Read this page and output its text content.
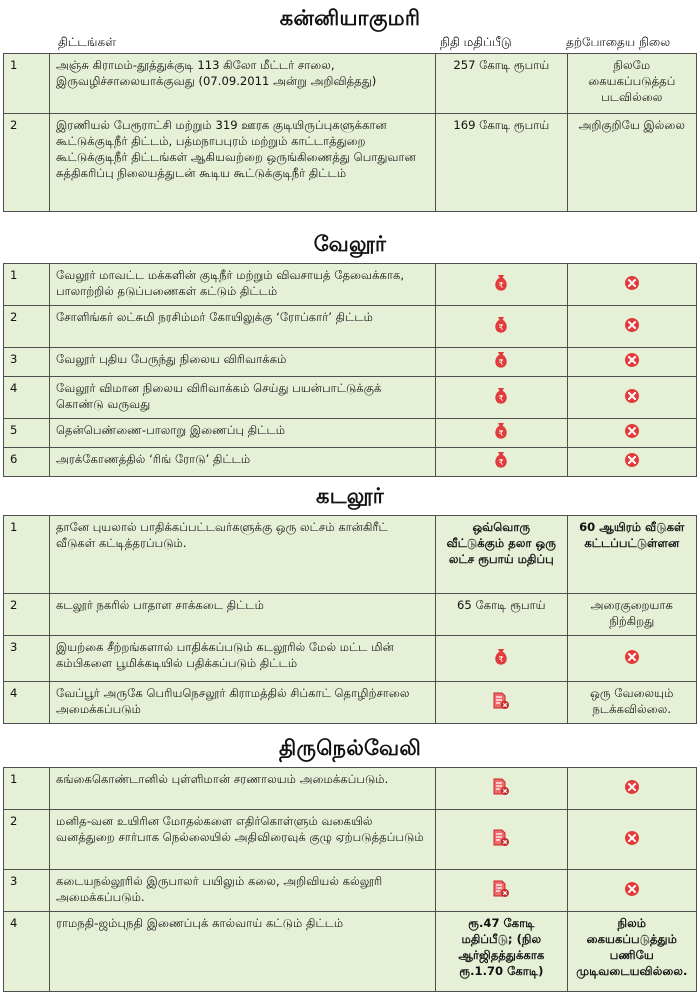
கன்னியாகுமரி
திட்டங்கள்	நிதி மதிப்பீடு	தற்போதைய நிலை
1	அஞ்சு கிராமம்-தூத்துக்குடி 113 கிலோ மீட்டர் சாலை, இருவழிச்சாலையாக்குவது (07.09.2011 அன்று அறிவித்தது)	257 கோடி ரூபாய்	நிலமே கையகப்படுத்தப் படவில்லை
2	இரணியல் பேரூராட்சி மற்றும் 319 ஊரக குடியிருப்புகளுக்கான கூட்டுக்குடிநீர் திட்டம், பத்மநாபபுரம் மற்றும் காட்டாத்துறை கூட்டுக்குடிநீர் திட்டங்கள் ஆகியவற்றை ஒருங்கிணைத்து பொதுவான சுத்திகரிப்பு நிலையத்துடன் கூடிய கூட்டுக்குடிநீர் திட்டம்	169 கோடி ரூபாய்	அறிகுறியே இல்லை
வேலூர்
1	வேலூர் மாவட்ட மக்களின் குடிநீர் மற்றும் விவசாயத் தேவைக்காக, பாலாற்றில் தடுப்பணைகள் கட்டும் திட்டம்	₹

2	சோளிங்கர் லட்சுமி நரசிம்மர் கோயிலுக்கு ‘ரோப்கார்’ திட்டம்	₹

3	வேலூர் புதிய பேருந்து நிலைய விரிவாக்கம்	₹

4	வேலூர் விமான நிலைய விரிவாக்கம் செய்து பயன்பாட்டுக்குக் கொண்டு வருவது	₹

5	தென்பெண்ணை-பாலாறு இணைப்பு திட்டம்	₹

6	அரக்கோணத்தில் ‘ரிங் ரோடு’ திட்டம்	₹

கடலூர்
1	தானே புயலால் பாதிக்கப்பட்டவர்களுக்கு ஒரு லட்சம் கான்கிரீட் வீடுகள் கட்டித்தரப்படும்.	ஒவ்வொரு வீட்டுக்கும் தலா ஒரு லட்ச ரூபாய் மதிப்பு	60 ஆயிரம் வீடுகள் கட்டப்பட்டுள்ளன
2	கடலூர் நகரில் பாதாள சாக்கடை திட்டம்	65 கோடி ரூபாய்	அரைகுறையாக நிற்கிறது
3	இயற்கை சீற்றங்களால் பாதிக்கப்படும் கடலூரில் மேல் மட்ட மின் கம்பிகளை பூமிக்கடியில் பதிக்கப்படும் திட்டம்	₹

4	வேப்பூர் அருகே பெரியநெசலூர் கிராமத்தில் சிப்காட் தொழிற்சாலை அமைக்கப்படும்		ஒரு வேலையும் நடக்கவில்லை.
திருநெல்வேலி
1	கங்கைகொண்டானில் புள்ளிமான் சரணாலயம் அமைக்கப்படும்.		
2	மனித-வன உயிரின மோதல்களை எதிர்கொள்ளும் வகையில் வனத்துறை சார்பாக நெல்லையில் அதிவிரைவுக் குழு ஏற்படுத்தப்படும்		
3	கடையநல்லூரில் இருபாலர் பயிலும் கலை, அறிவியல் கல்லூரி அமைக்கப்படும்.		
4	ராமநதி-ஜம்புநதி இணைப்புக் கால்வாய் கட்டும் திட்டம்	ரூ.47 கோடி மதிப்பீடு; (நில ஆர்ஜிதத்துக்காக ரூ.1.70 கோடி)	நிலம் கையகப்படுத்தும் பணியே முடிவடையவில்லை.
